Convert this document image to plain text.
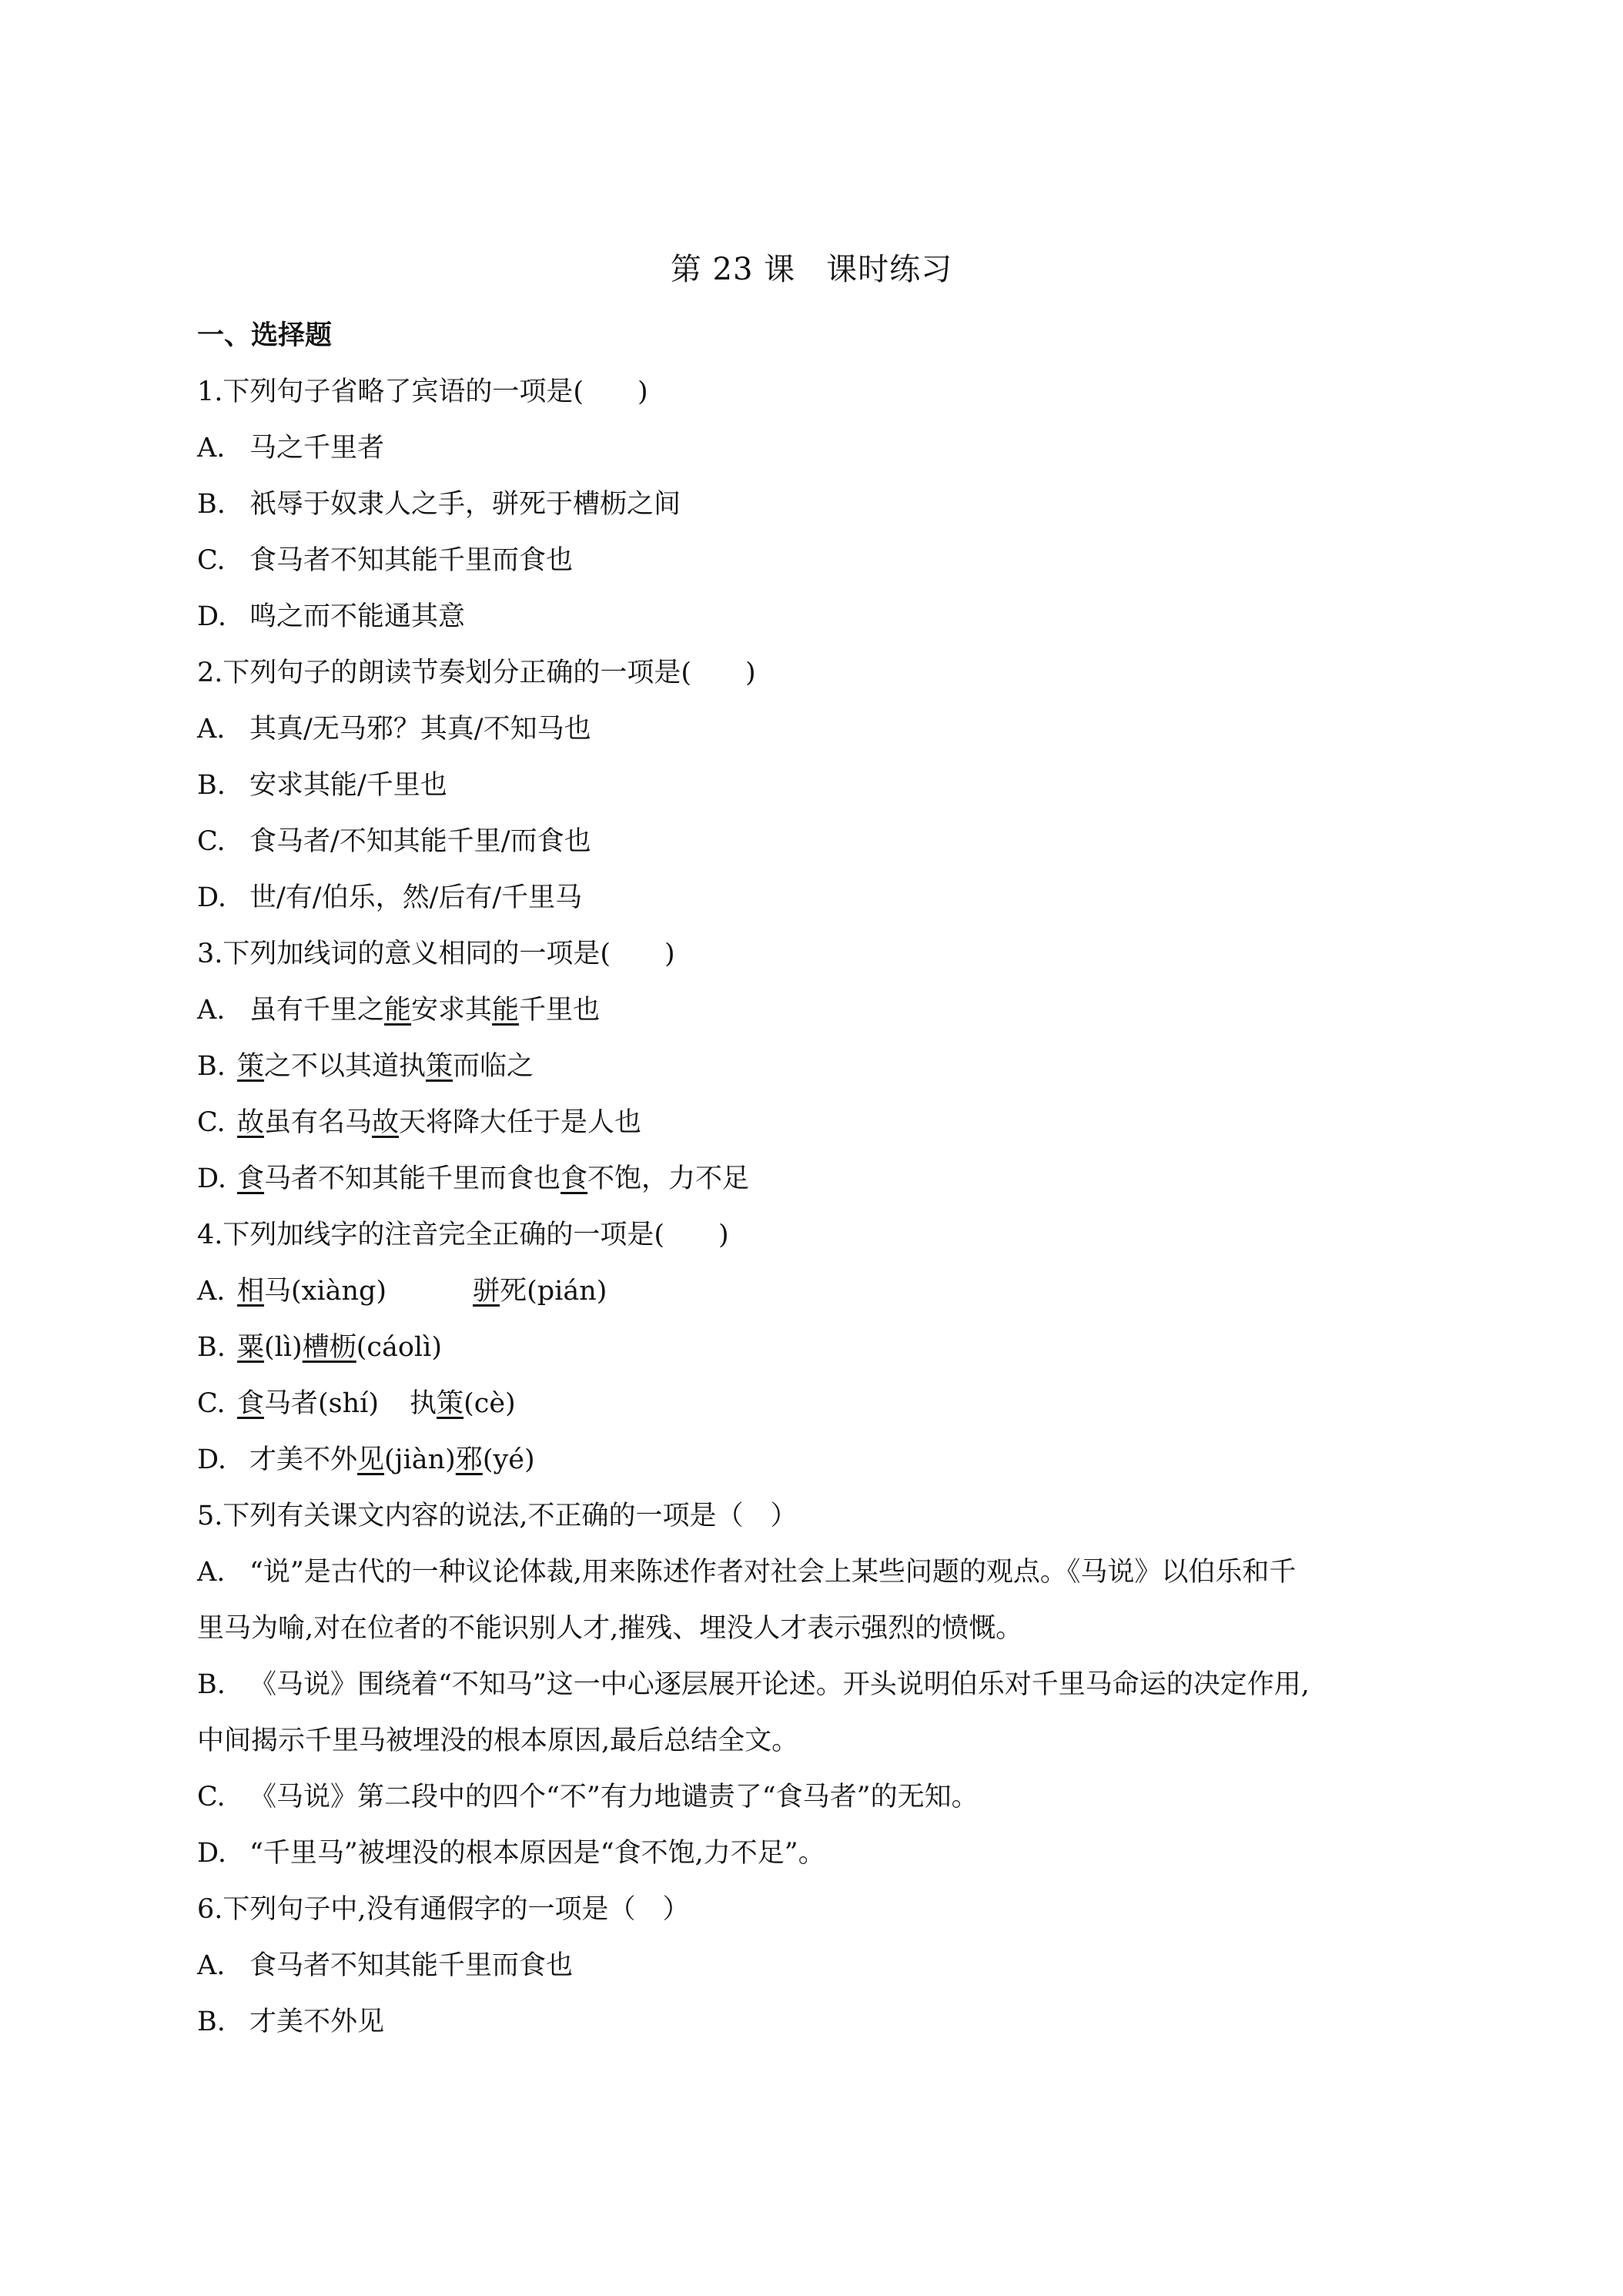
第 23 课 课时练习
一、选择题
1.下列句子省略了宾语的一项是(　　)
A. 马之千里者
B. 祇辱于奴隶人之手，骈死于槽枥之间
C. 食马者不知其能千里而食也
D. 鸣之而不能通其意
2.下列句子的朗读节奏划分正确的一项是(　　)
A. 其真/无马邪？其真/不知马也
B. 安求其能/千里也
C. 食马者/不知其能千里/而食也
D. 世/有/伯乐，然/后有/千里马
3.下列加线词的意义相同的一项是(　　)
A. 虽有千里之能安求其能千里也
B. 策之不以其道执策而临之
C. 故虽有名马故天将降大任于是人也
D. 食马者不知其能千里而食也食不饱，力不足
4.下列加线字的注音完全正确的一项是(　　)
A. 相马(xiàng)	骈死(pián)
B. 粟(lì)槽枥(cáolì)
C. 食马者(shí) 执策(cè)
D. 才美不外见(jiàn)邪(yé)
5.下列有关课文内容的说法,不正确的一项是（　）
A. “说”是古代的一种议论体裁,用来陈述作者对社会上某些问题的观点。《马说》以伯乐和千
里马为喻,对在位者的不能识别人才,摧残、埋没人才表示强烈的愤慨。
B. 《马说》围绕着“不知马”这一中心逐层展开论述。开头说明伯乐对千里马命运的决定作用,
中间揭示千里马被埋没的根本原因,最后总结全文。
C. 《马说》第二段中的四个“不”有力地谴责了“食马者”的无知。
D. “千里马”被埋没的根本原因是“食不饱,力不足”。
6.下列句子中,没有通假字的一项是（　）
A. 食马者不知其能千里而食也
B. 才美不外见
